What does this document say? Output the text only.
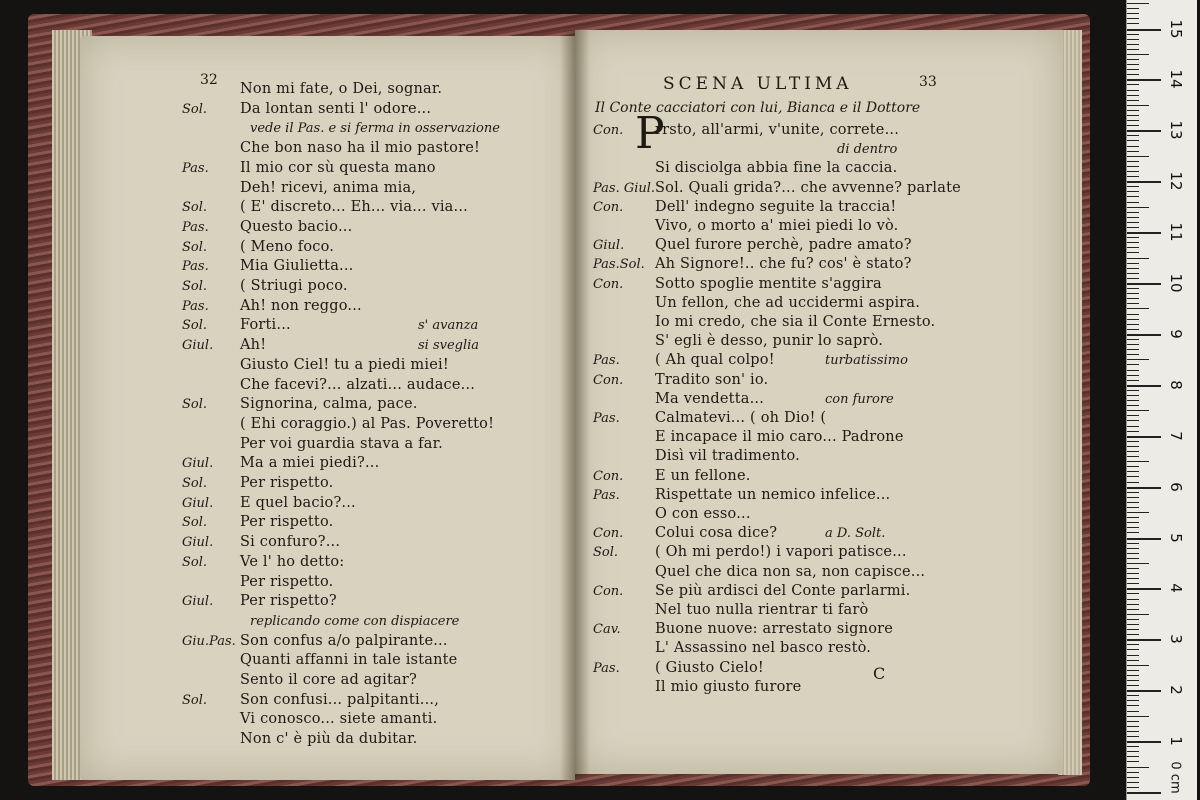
32
Non mi fate, o Dei, sognar.
Sol. Da lontan senti l' odore...
vede il Pas. e si ferma in osservazione
Che bon naso ha il mio pastore!
Pas. Il mio cor sù questa mano
Deh! ricevi, anima mia,
Sol. ( E' discreto... Eh... via... via...
Pas. Questo bacio...
Sol. ( Meno foco.
Pas. Mia Giulietta...
Sol. ( Striugi poco.
Pas. Ah! non reggo...
Sol. Forti...	s' avanza
Giul. Ah!	si sveglia
Giusto Ciel! tu a piedi miei!
Che facevi?... alzati... audace...
Sol. Signorina, calma, pace.
( Ehi coraggio.) al Pas. Poveretto!
Per voi guardia stava a far.
Giul. Ma a miei piedi?...
Sol. Per rispetto.
Giul. E quel bacio?...
Sol. Per rispetto.
Giul. Si confuro?...
Sol. Ve l' ho detto:
Per rispetto.
Giul. Per rispetto?
replicando come con dispiacere
Giu.Pas. Son confus a/o palpirante...
Quanti affanni in tale istante
Sento il core ad agitar?
Sol. Son confusi... palpitanti...,
Vi conosco... siete amanti.
Non c' è più da dubitar.
SCENA ULTIMA	33
Il Conte cacciatori con lui, Bianca e il Dottore
P
Con. rrsto, all'armi, v'unite, correte...
di dentro
Si disciolga abbia fine la caccia.
Pas. Giul. Sol. Quali grida?... che avvenne? parlate
Con. Dell' indegno seguite la traccia!
Vivo, o morto a' miei piedi lo vò.
Giul. Quel furore perchè, padre amato?
Pas.Sol. Ah Signore!.. che fu? cos' è stato?
Con. Sotto spoglie mentite s'aggira
Un fellon, che ad uccidermi aspira.
Io mi credo, che sia il Conte Ernesto.
S' egli è desso, punir lo saprò.
Pas. ( Ah qual colpo!	turbatissimo
Con. Tradito son' io.
Ma vendetta...	con furore
Pas. Calmatevi... ( oh Dio! (
E incapace il mio caro... Padrone
Disì vil tradimento.
Con. E un fellone.
Pas. Rispettate un nemico infelice...
O con esso...
Con. Colui cosa dice?	a D. Solt.
Sol.	( Oh mi perdo!) i vapori patisce...
Quel che dica non sa, non capisce...
Con. Se più ardisci del Conte parlarmi.
Nel tuo nulla rientrar ti farò
Cav. Buone nuove: arrestato signore
L' Assassino nel basco restò.
Pas. ( Giusto Cielo!
Il mio giusto furore
C
1
2
3
4
5
6
7
8
9
10
11
12
13
14
15
0 cm
